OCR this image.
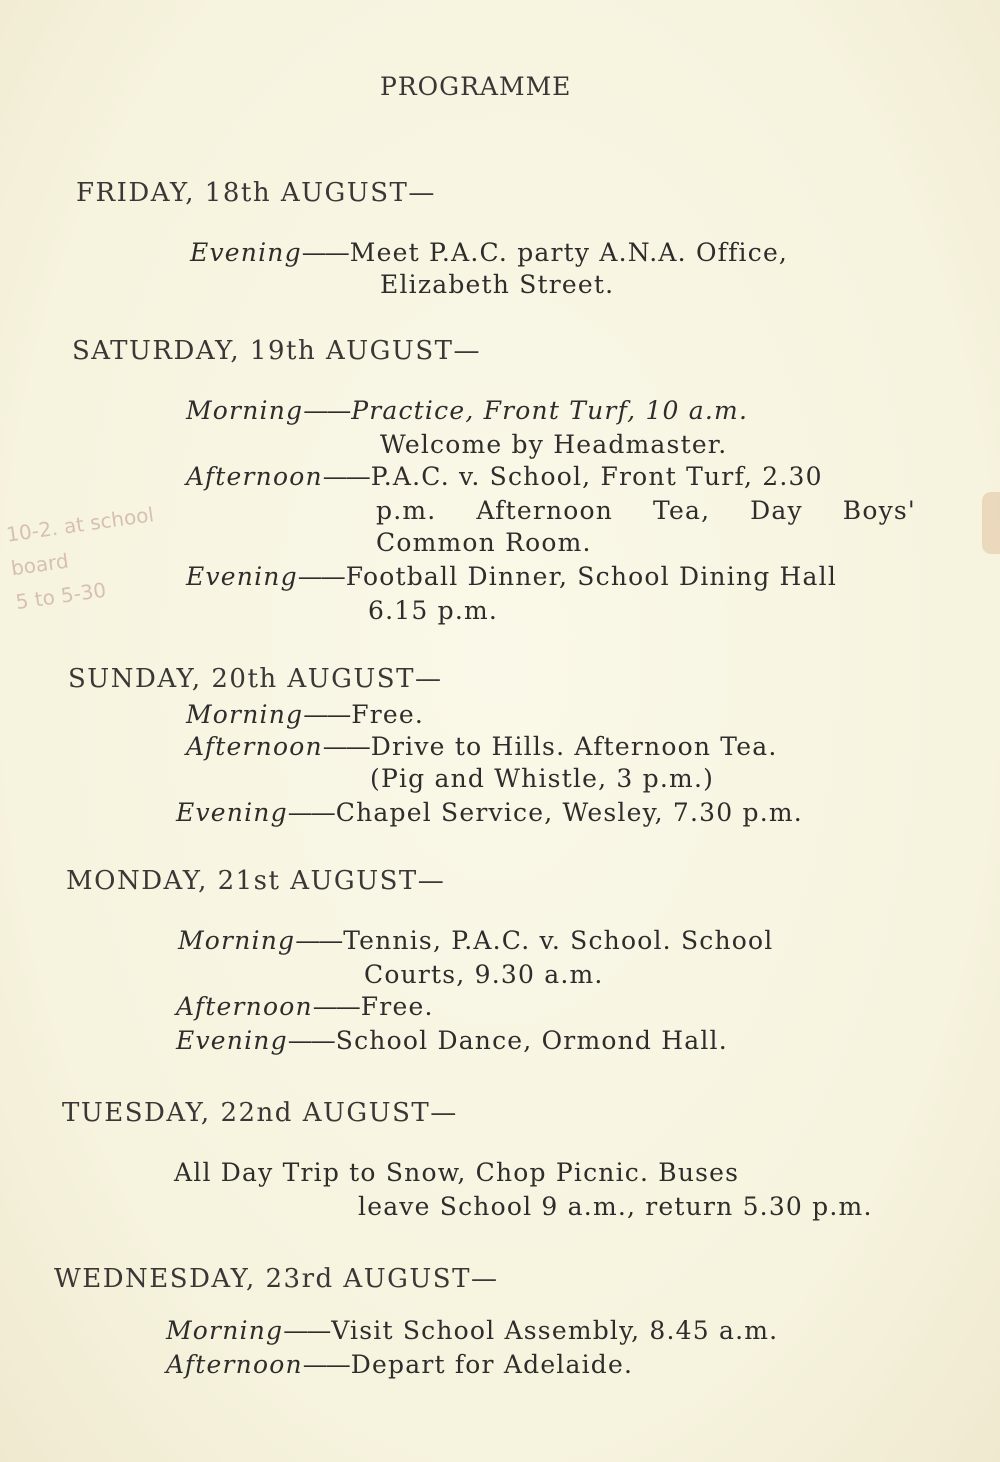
PROGRAMME
FRIDAY, 18th AUGUST—
Evening —— Meet P.A.C. party A.N.A. Office,
Elizabeth Street.
SATURDAY, 19th AUGUST—
Morning —— Practice, Front Turf, 10 a.m.
Welcome by Headmaster.
Afternoon —— P.A.C. v. School, Front Turf, 2.30
p.m. Afternoon Tea, Day Boys'
Common Room.
Evening —— Football Dinner, School Dining Hall
6.15 p.m.
SUNDAY, 20th AUGUST—
Morning —— Free.
Afternoon —— Drive to Hills. Afternoon Tea.
(Pig and Whistle, 3 p.m.)
Evening —— Chapel Service, Wesley, 7.30 p.m.
MONDAY, 21st AUGUST—
Morning —— Tennis, P.A.C. v. School. School
Courts, 9.30 a.m.
Afternoon —— Free.
Evening —— School Dance, Ormond Hall.
TUESDAY, 22nd AUGUST—
All Day Trip to Snow, Chop Picnic. Buses
leave School 9 a.m., return 5.30 p.m.
WEDNESDAY, 23rd AUGUST—
Morning —— Visit School Assembly, 8.45 a.m.
Afternoon —— Depart for Adelaide.
10-2. at school
board
5 to 5-30
